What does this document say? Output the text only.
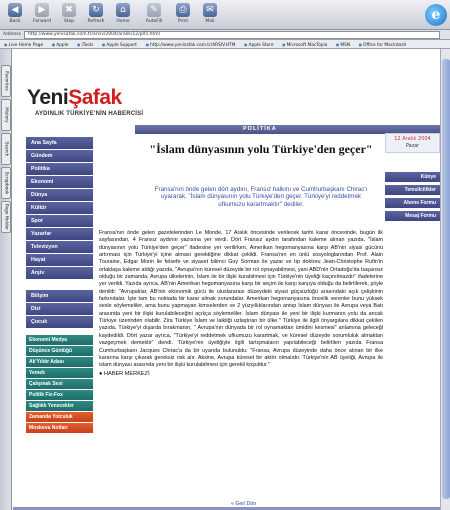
◀
Back
▶
Forward
✖
Stop
↻
Refresh
⌂
Home
✎
AutoFill
⎙
Print
✉
Mail	e
Address	http://www.yenisafak.com.tr/arsiv/2004/aralik/12/p05.html
● Live Home Page	● Apple	● iTools	● Apple Support	● http://www.yenisafak.com.tr/ARSIV.HTM	● Apple Store	● Microsoft MacTopia	● MSN	● Office for Macintosh
Favorites
History
Search
Scrapbook
Page Holder
YeniŞafak
AYDINLIK TÜRKİYE'NİN HABERCİSİ
POLİTİKA
Ana Sayfa
Gündem
Politika
Ekonomi
Dünya
Kültür
Spor
Yazarlar
Televizyon
Hayat
Arşiv
Bilişim
Dizi
Çocuk
Ekonomi Medya
Düşünce Günlüğü
Ak'Yıldır Adası
Yemek
Çalışmak Sesi
Politik Fiz-Fox
Sağlıklı Yenecekler
Zamanda Yolculuk
Moskova Notları
12 Aralık 2004
Pazar
Künye
Temsilcilikler
Abone Formu
Mesaj Formu
"İslam dünyasının yolu Türkiye'den geçer"

Fransa'nın önde gelen dört aydını, Fransız halkını ve Cumhurbaşkanı Chirac'ı uyararak, "İslam dünyasının yolu Türkiye'den geçer. Türkiye'yi reddetmek ufkumuzu karartmaktır" dediler.

Fransa'nın önde gelen gazetelerinden Le Monde, 17 Aralık öncesinde verilecek tarihi karar öncesinde, bugün ilk sayfasından, 4 Fransız aydının yazısına yer verdi. Dört Fransız aydın tarafından kaleme alınan yazıda, "İslam dünyasının yolu Türkiye'den geçer" ifadesine yer verilirken, Amerikan hegomanyasına karşı AB'nin siyasi gücünü artırması için Türkiye'yi içine alması gerektiğine dikkat çekildi. Fransa'nın en ünlü sosyologlarından Prof. Alain Touraine, Edgar Morin ile felsefe ve siyaset bilimci Guy Sorman ile yazar ve tıp doktoru Jean-Christophe Rufin'in ortaklaşa kaleme aldığı yazıda, "Avrupa'nın küresel düzeyde bir rol oynayabilmesi, yani ABD'nin Ortadoğu'da başarısız olduğu bir zamanda, Avrupa ülkelerinin, İslam ile bir ilişki kurabilmesi için Türkiye'nin üyeliği kaçınılmazdır" ifadelerine yer verildi. Yazıda ayrıca, AB'nin Amerikan hegomanyasına karşı bir seçim ile karşı karşıya olduğu da belirtilerek, şöyle denildi: "Avrupalılar, AB'nin ekonomik gücü ile uluslararası düzeydeki siyasi güçsüzlüğü arasındaki açık çelişkinin farkındalar. İşte tam bu noktada bir karar almak zorundalar. Amerikan hegomanyasına öncelik verenler bunu yüksek sesle söylemeliler, ama bunu yapmayan kimselerden ve 2 yüzyıllıklarından annıp İslam dünyası ile Avrupa veya Batı arasında yeni bir ilişki kurulabileceğini açıkça söylemeliler. İslam dünyası ile yeni bir ilişki kurmanın yolu da ancak Türkiye üzerinden olabilir. Zira Türkiye İslam ve laikliği uzlaştıran bir ülke." Türkiye ile ilgili önyargılara dikkat çekilen yazıda, Türkiye'yi dışarda bırakmanın, " Avrupa'nın dünyada bir rol oynamaktan ümidini kesmesi" anlamına geleceği kaydedildi. Dört yazar ayrıca, "Türkiye'yi reddetmek ufkumuzu karartmak, ve küresel düzeyde sorumluluk almaktan vazgeçmek demektir" dendi. Türkiye'nin üyeliğiyle ilgili tartışmaların yapılabileceği belirtilen yazıda Fransa Cumhurbaşkanı Jacques Chirac'a da bir uyarıda bulunuldu: "Fransa, Avrupa düzeyinde daha önce alınan bir ilke kararına karşı çıkarak gereksiz risk alır. Aksine, Avrupa küresel bir aktör olmalıdır. Türkiye'nin AB üyeliği, Avrupa ile islam dünyası arasında yeni bir ilişki kurulabilmesi için gerekli koşuldur."

● HABER MERKEZİ
« Geri Dön
